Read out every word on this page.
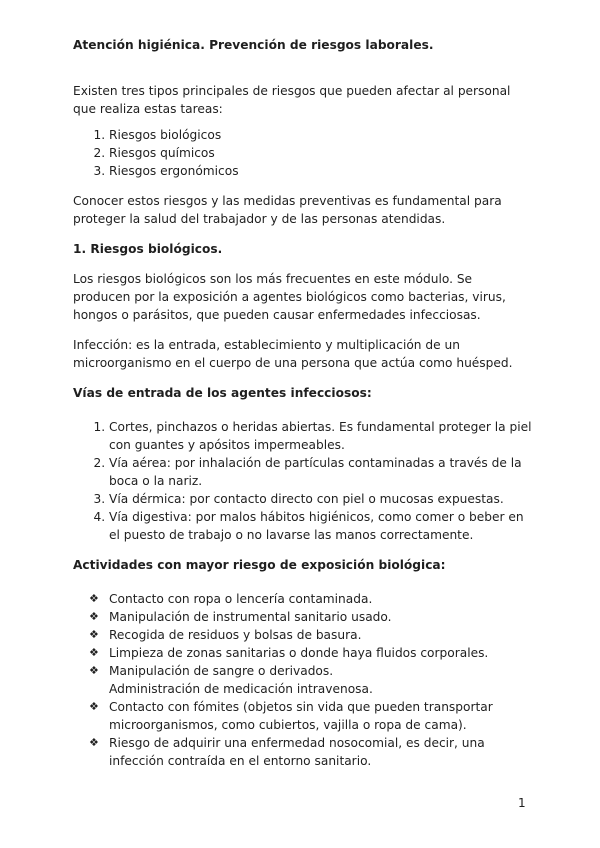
Atención higiénica. Prevención de riesgos laborales.

Existen tres tipos principales de riesgos que pueden afectar al personal que realiza estas tareas:

1. Riesgos biológicos
2. Riesgos químicos
3. Riesgos ergonómicos

Conocer estos riesgos y las medidas preventivas es fundamental para proteger la salud del trabajador y de las personas atendidas.

1. Riesgos biológicos.

Los riesgos biológicos son los más frecuentes en este módulo. Se producen por la exposición a agentes biológicos como bacterias, virus, hongos o parásitos, que pueden causar enfermedades infecciosas.

Infección: es la entrada, establecimiento y multiplicación de un microorganismo en el cuerpo de una persona que actúa como huésped.

Vías de entrada de los agentes infecciosos:
1. Cortes, pinchazos o heridas abiertas. Es fundamental proteger la piel con guantes y apósitos impermeables.
2. Vía aérea: por inhalación de partículas contaminadas a través de la boca o la nariz.
3. Vía dérmica: por contacto directo con piel o mucosas expuestas.
4. Vía digestiva: por malos hábitos higiénicos, como comer o beber en el puesto de trabajo o no lavarse las manos correctamente.
Actividades con mayor riesgo de exposición biológica:
❖ Contacto con ropa o lencería contaminada.
❖ Manipulación de instrumental sanitario usado.
❖ Recogida de residuos y bolsas de basura.
❖ Limpieza de zonas sanitarias o donde haya fluidos corporales.
❖ Manipulación de sangre o derivados.
Administración de medicación intravenosa.
❖ Contacto con fómites (objetos sin vida que pueden transportar microorganismos, como cubiertos, vajilla o ropa de cama).
❖ Riesgo de adquirir una enfermedad nosocomial, es decir, una infección contraída en el entorno sanitario.
1
